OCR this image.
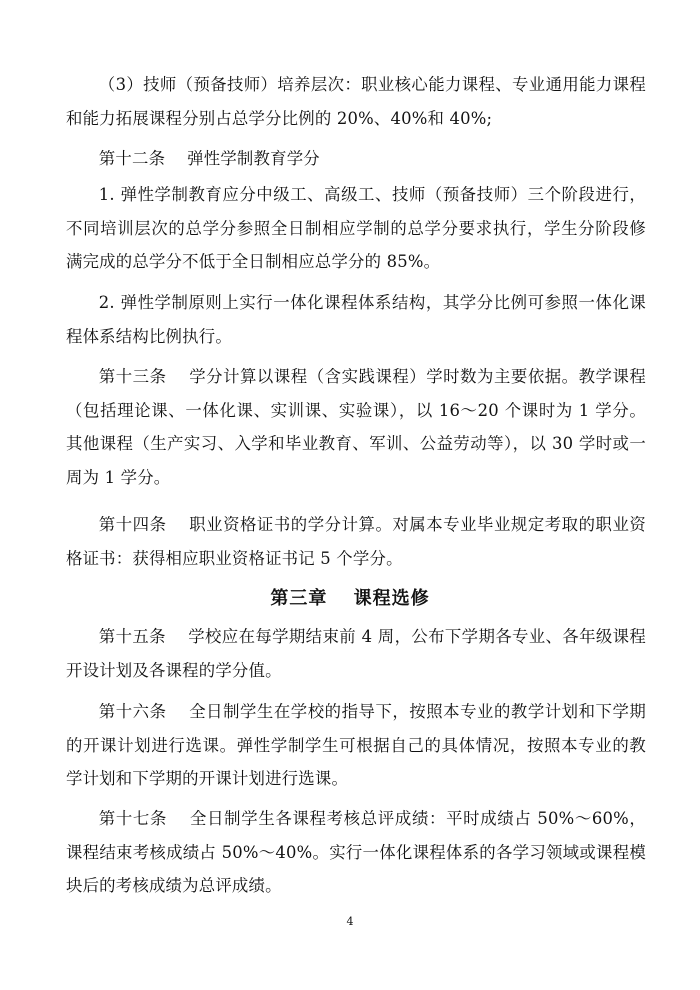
（3）技师（预备技师）培养层次：职业核心能力课程、专业通用能力课程和能力拓展课程分别占总学分比例的 20%、40%和 40%;

第十二条　 弹性学制教育学分

1. 弹性学制教育应分中级工、高级工、技师（预备技师）三个阶段进行，不同培训层次的总学分参照全日制相应学制的总学分要求执行，学生分阶段修满完成的总学分不低于全日制相应总学分的 85%。

2. 弹性学制原则上实行一体化课程体系结构，其学分比例可参照一体化课程体系结构比例执行。

第十三条　 学分计算以课程（含实践课程）学时数为主要依据。教学课程（包括理论课、一体化课、实训课、实验课），以 16～20 个课时为 1 学分。其他课程（生产实习、入学和毕业教育、军训、公益劳动等），以 30 学时或一周为 1 学分。

第十四条　 职业资格证书的学分计算。对属本专业毕业规定考取的职业资格证书：获得相应职业资格证书记 5 个学分。

第三章　 课程选修

第十五条　 学校应在每学期结束前 4 周，公布下学期各专业、各年级课程开设计划及各课程的学分值。

第十六条　 全日制学生在学校的指导下，按照本专业的教学计划和下学期的开课计划进行选课。弹性学制学生可根据自己的具体情况，按照本专业的教学计划和下学期的开课计划进行选课。

第十七条　 全日制学生各课程考核总评成绩：平时成绩占 50%～60%，课程结束考核成绩占 50%～40%。实行一体化课程体系的各学习领域或课程模块后的考核成绩为总评成绩。

4
